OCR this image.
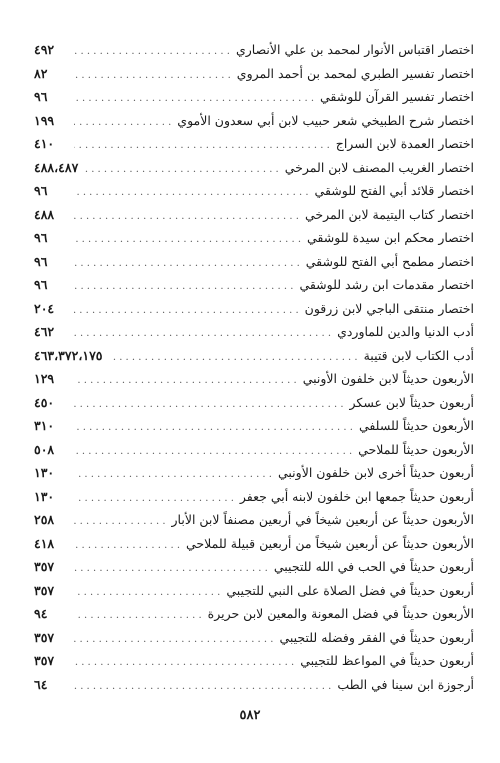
اختصار اقتباس الأنوار لمحمد بن علي الأنصاري
. . .
٤٩٢
اختصار تفسير الطبري لمحمد بن أحمد المروي
. . .
٨٢
اختصار تفسير القرآن للوشقي
. . .
٩٦
اختصار شرح الطبيخي شعر حبيب لابن أبي سعدون الأموي
. . .
١٩٩
اختصار العمدة لابن السراج
. . .
٤١٠
اختصار الغريب المصنف لابن المرخي
. . .
٤٨٨،٤٨٧
اختصار قلائد أبي الفتح للوشقي
. . .
٩٦
اختصار كتاب اليتيمة لابن المرخي
. . .
٤٨٨
اختصار محكم ابن سيدة للوشقي
. . .
٩٦
اختصار مطمح أبي الفتح للوشقي
. . .
٩٦
اختصار مقدمات ابن رشد للوشقي
. . .
٩٦
اختصار منتقى الباجي لابن زرقون
. . .
٢٠٤
أدب الدنيا والدين للماوردي
. . .
٤٦٢
أدب الكتاب لابن قتيبة
. . .
٤٦٣،٣٧٢،١٧٥
الأربعون حديثاً لابن خلفون الأونبي
. . .
١٢٩
أربعون حديثاً لابن عسكر
. . .
٤٥٠
الأربعون حديثاً للسلفي
. . .
٣١٠
الأربعون حديثاً للملاحي
. . .
٥٠٨
أربعون حديثاً أخرى لابن خلفون الأونبي
. . .
١٣٠
أربعون حديثاً جمعها ابن خلفون لابنه أبي جعفر
. . .
١٣٠
الأربعون حديثاً عن أربعين شيخاً في أربعين مصنفاً لابن الأبار
. . .
٢٥٨
الأربعون حديثاً عن أربعين شيخاً من أربعين قبيلة للملاحي
. . .
٤١٨
أربعون حديثاً في الحب في الله للتجيبي
. . .
٣٥٧
أربعون حديثاً في فضل الصلاة على النبي للتجيبي
. . .
٣٥٧
الأربعون حديثاً في فضل المعونة والمعين لابن حريرة
. . .
٩٤
أربعون حديثاً في الفقر وفضله للتجيبي
. . .
٣٥٧
أربعون حديثاً في المواعظ للتجيبي
. . .
٣٥٧
أرجوزة ابن سينا في الطب
. . .
٦٤
٥٨٢
